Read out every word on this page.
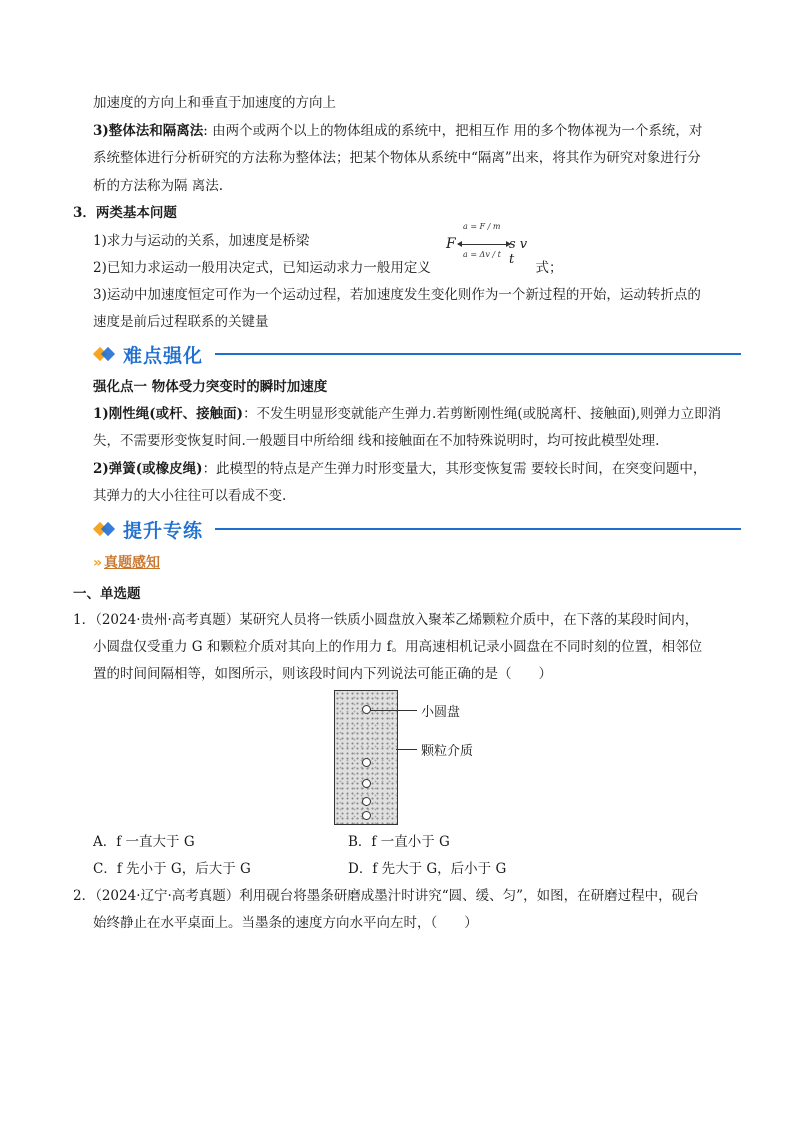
加速度的方向上和垂直于加速度的方向上
3)整体法和隔离法: 由两个或两个以上的物体组成的系统中，把相互作 用的多个物体视为一个系统，对
系统整体进行分析研究的方法称为整体法；把某个物体从系统中“隔离”出来，将其作为研究对象进行分
析的方法称为隔 离法.
3．两类基本问题
1)求力与运动的关系，加速度是桥梁
2)已知力求运动一般用决定式，已知运动求力一般用定义	式；
F
a = F / m
a = Δv / t
s v t
3)运动中加速度恒定可作为一个运动过程，若加速度发生变化则作为一个新过程的开始，运动转折点的
速度是前后过程联系的关键量
难点强化
强化点一 物体受力突变时的瞬时加速度
1)刚性绳(或杆、接触面)：不发生明显形变就能产生弹力.若剪断刚性绳(或脱离杆、接触面),则弹力立即消
失，不需要形变恢复时间.一般题目中所给细 线和接触面在不加特殊说明时，均可按此模型处理.
2)弹簧(或橡皮绳)：此模型的特点是产生弹力时形变量大，其形变恢复需 要较长时间，在突变问题中，
其弹力的大小往往可以看成不变.
提升专练
» 真题感知
一、单选题
1．（2024·贵州·高考真题）某研究人员将一铁质小圆盘放入聚苯乙烯颗粒介质中，在下落的某段时间内，
小圆盘仅受重力 G 和颗粒介质对其向上的作用力 f。用高速相机记录小圆盘在不同时刻的位置，相邻位
置的时间间隔相等，如图所示，则该段时间内下列说法可能正确的是（　　）
小圆盘
颗粒介质
A．f 一直大于 G	B．f 一直小于 G
C．f 先小于 G，后大于 G	D．f 先大于 G，后小于 G
2．（2024·辽宁·高考真题）利用砚台将墨条研磨成墨汁时讲究“圆、缓、匀”，如图，在研磨过程中，砚台
始终静止在水平桌面上。当墨条的速度方向水平向左时，（　　）
